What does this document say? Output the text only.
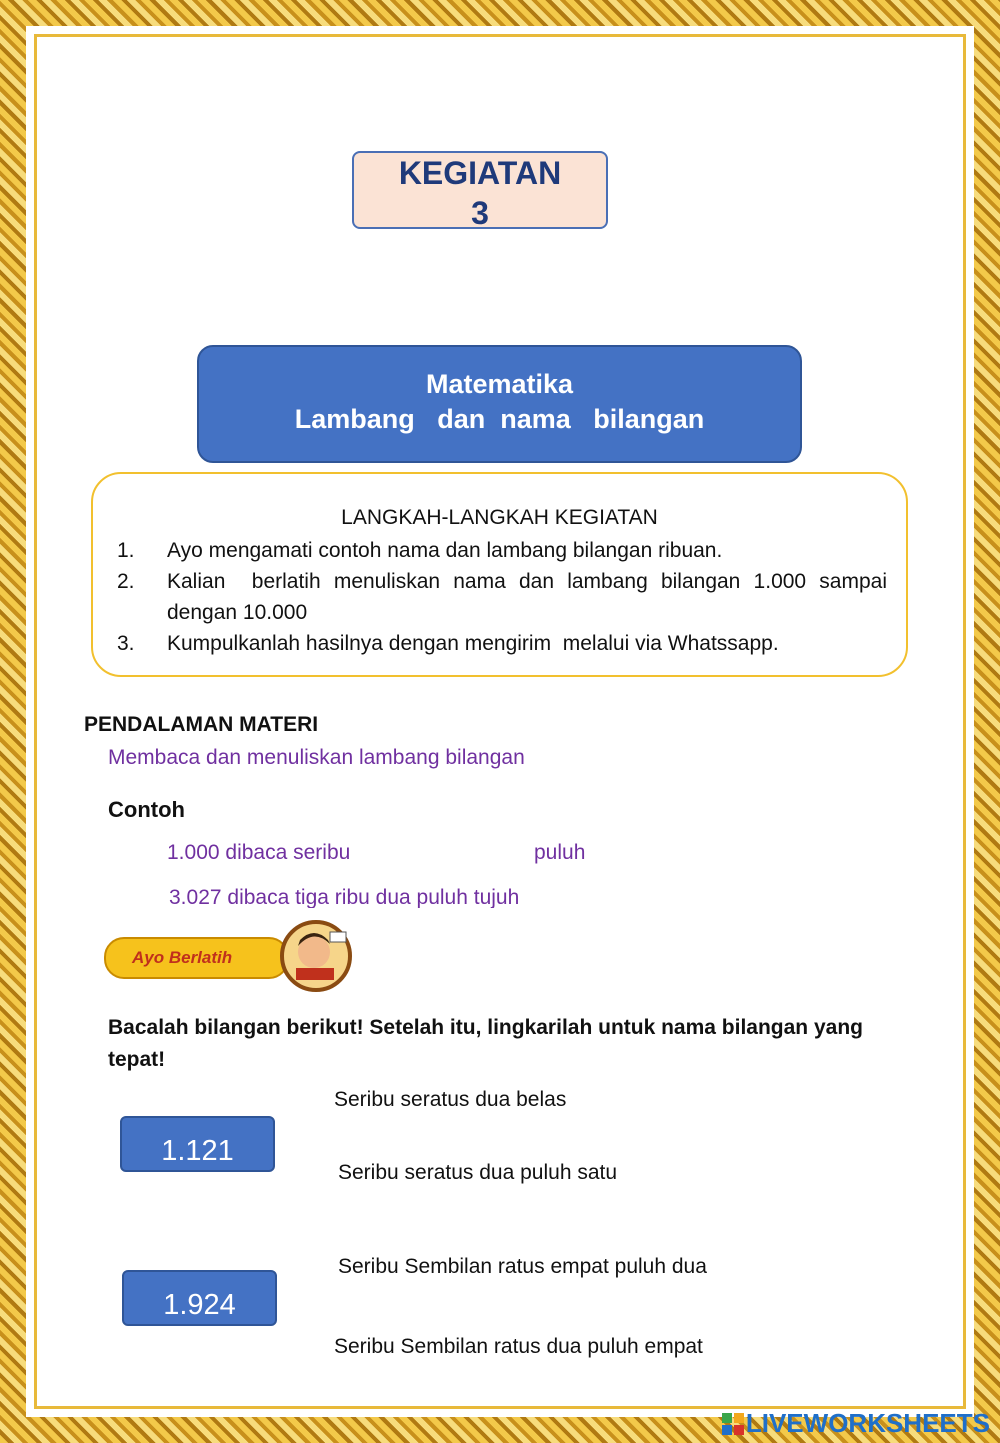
KEGIATAN
3
Matematika
Lambang   dan  nama   bilangan
LANGKAH-LANGKAH KEGIATAN
1. Ayo mengamati contoh nama dan lambang bilangan ribuan.
2. Kalian  berlatih menuliskan nama dan lambang bilangan 1.000 sampai dengan 10.000
3. Kumpulkanlah hasilnya dengan mengirim  melalui via Whatssapp.
PENDALAMAN MATERI
Membaca dan menuliskan lambang bilangan
Contoh
1.000 dibaca seribu	puluh
3.027 dibaca tiga ribu dua puluh tujuh
Ayo Berlatih
Bacalah bilangan berikut! Setelah itu, lingkarilah untuk nama bilangan yang tepat!
1.121
Seribu seratus dua belas
Seribu seratus dua puluh satu
1.924
Seribu Sembilan ratus empat puluh dua
Seribu Sembilan ratus dua puluh empat
LIVEWORKSHEETS
